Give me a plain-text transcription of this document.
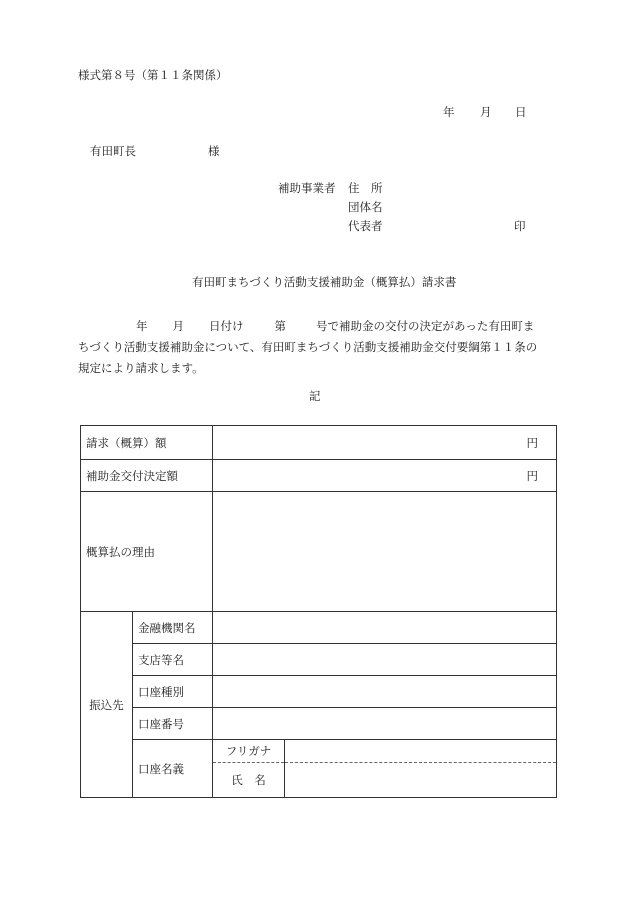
様式第８号（第１１条関係）
年 月 日
有田町長	様
補助事業者 住　所
団体名
代表者	印
有田町まちづくり活動支援補助金（概算払）請求書
年 月 日付け	第	号で補助金の交付の決定があった有田町ま
ちづくり活動支援補助金について、有田町まちづくり活動支援補助金交付要綱第１１条の
規定により請求します。
記
請求（概算）額		円	
補助金交付決定額		円	
概算払の理由			
振込先	金融機関名		
	支店等名		
	口座種別		
	口座番号		
	口座名義	フリガナ	
		氏　名	
